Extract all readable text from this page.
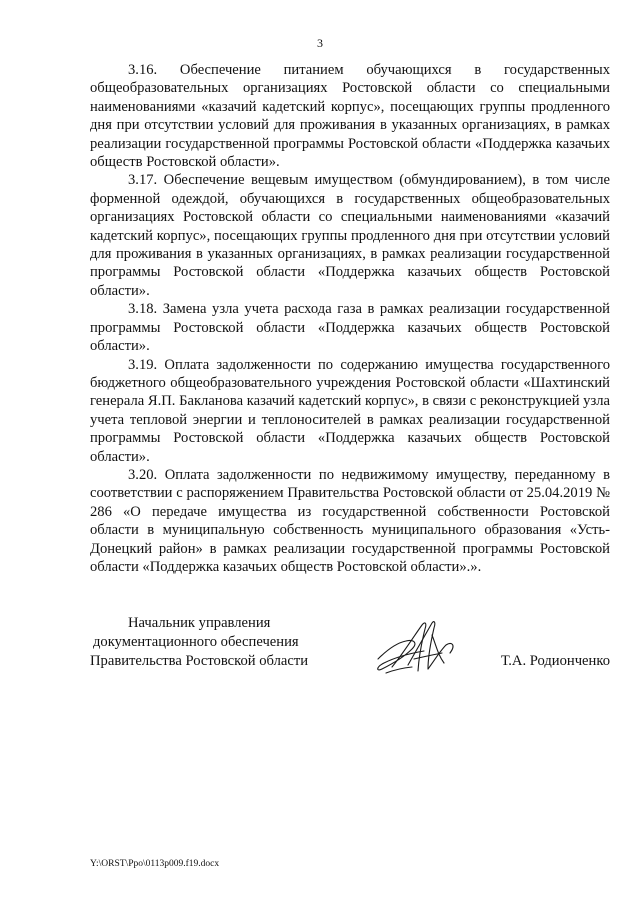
3

3.16. Обеспечение питанием обучающихся в государственных общеобразовательных организациях Ростовской области со специальными наименованиями «казачий кадетский корпус», посещающих группы продленного дня при отсутствии условий для проживания в указанных организациях, в рамках реализации государственной программы Ростовской области «Поддержка казачьих обществ Ростовской области».

3.17. Обеспечение вещевым имуществом (обмундированием), в том числе форменной одеждой, обучающихся в государственных общеобразовательных организациях Ростовской области со специальными наименованиями «казачий кадетский корпус», посещающих группы продленного дня при отсутствии условий для проживания в указанных организациях, в рамках реализации государственной программы Ростовской области «Поддержка казачьих обществ Ростовской области».

3.18. Замена узла учета расхода газа в рамках реализации государственной программы Ростовской области «Поддержка казачьих обществ Ростовской области».

3.19. Оплата задолженности по содержанию имущества государственного бюджетного общеобразовательного учреждения Ростовской области «Шахтинский генерала Я.П. Бакланова казачий кадетский корпус», в связи с реконструкцией узла учета тепловой энергии и теплоносителей в рамках реализации государственной программы Ростовской области «Поддержка казачьих обществ Ростовской области».

3.20. Оплата задолженности по недвижимому имуществу, переданному в соответствии с распоряжением Правительства Ростовской области от 25.04.2019 № 286 «О передаче имущества из государственной собственности Ростовской области в муниципальную собственность муниципального образования «Усть-Донецкий район» в рамках реализации государственной программы Ростовской области «Поддержка казачьих обществ Ростовской области».».

Начальник управления
документационного обеспечения
Правительства Ростовской области	Т.А. Родионченко
Y:\ORST\Ppo\0113p009.f19.docx
